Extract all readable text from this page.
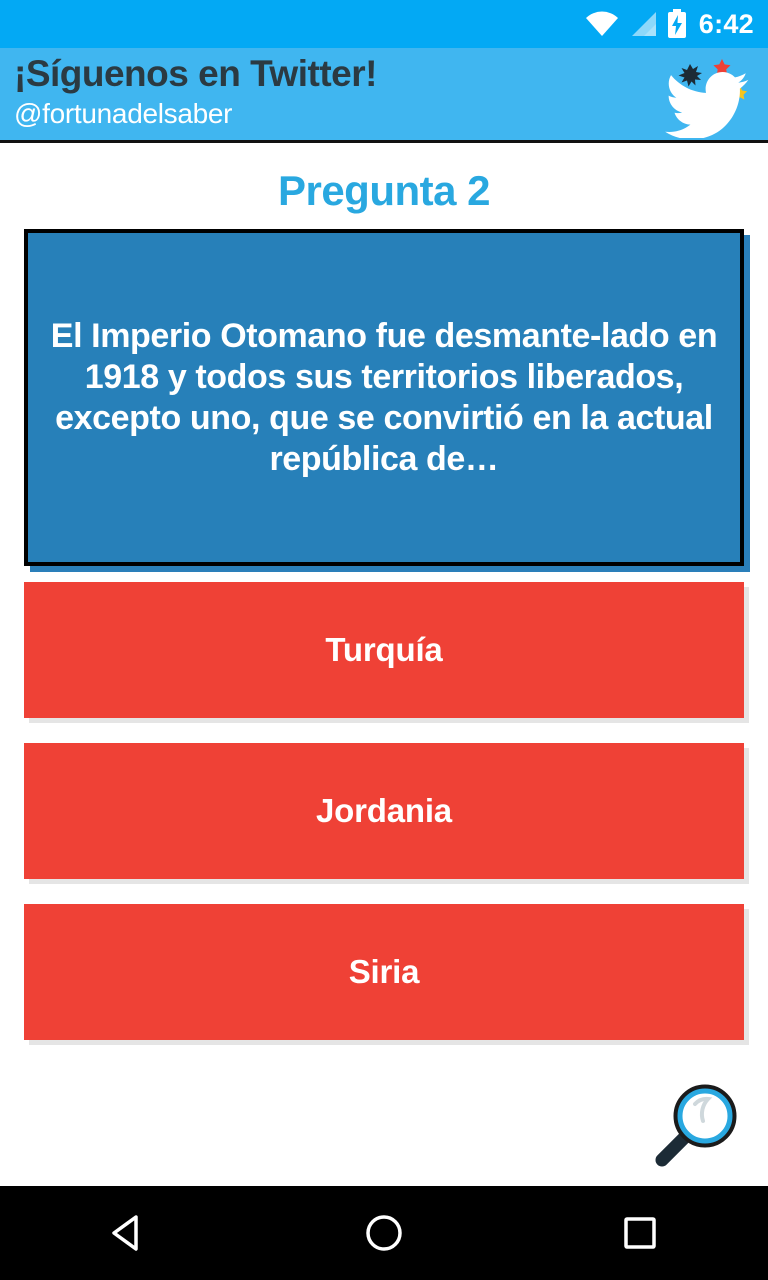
6:42
¡Síguenos en Twitter!
@fortunadelsaber
Pregunta 2
El Imperio Otomano fue desmante-lado en 1918 y todos sus territorios liberados, excepto uno, que se convirtió en la actual república de…
Turquía
Jordania
Siria
